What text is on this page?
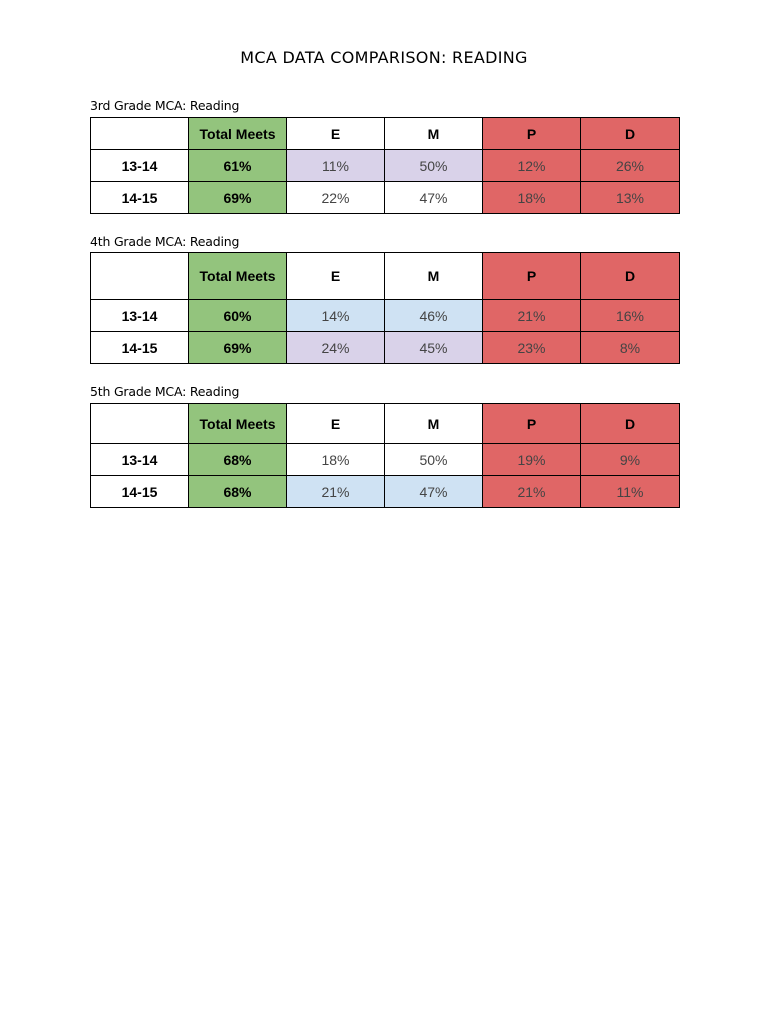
MCA DATA COMPARISON: READING
3rd Grade MCA: Reading
	Total Meets	E	M	P	D
13-14	61%	11%	50%	12%	26%
14-15	69%	22%	47%	18%	13%
4th Grade MCA: Reading
	Total Meets	E	M	P	D
13-14	60%	14%	46%	21%	16%
14-15	69%	24%	45%	23%	8%
5th Grade MCA: Reading
	Total Meets	E	M	P	D
13-14	68%	18%	50%	19%	9%
14-15	68%	21%	47%	21%	11%
